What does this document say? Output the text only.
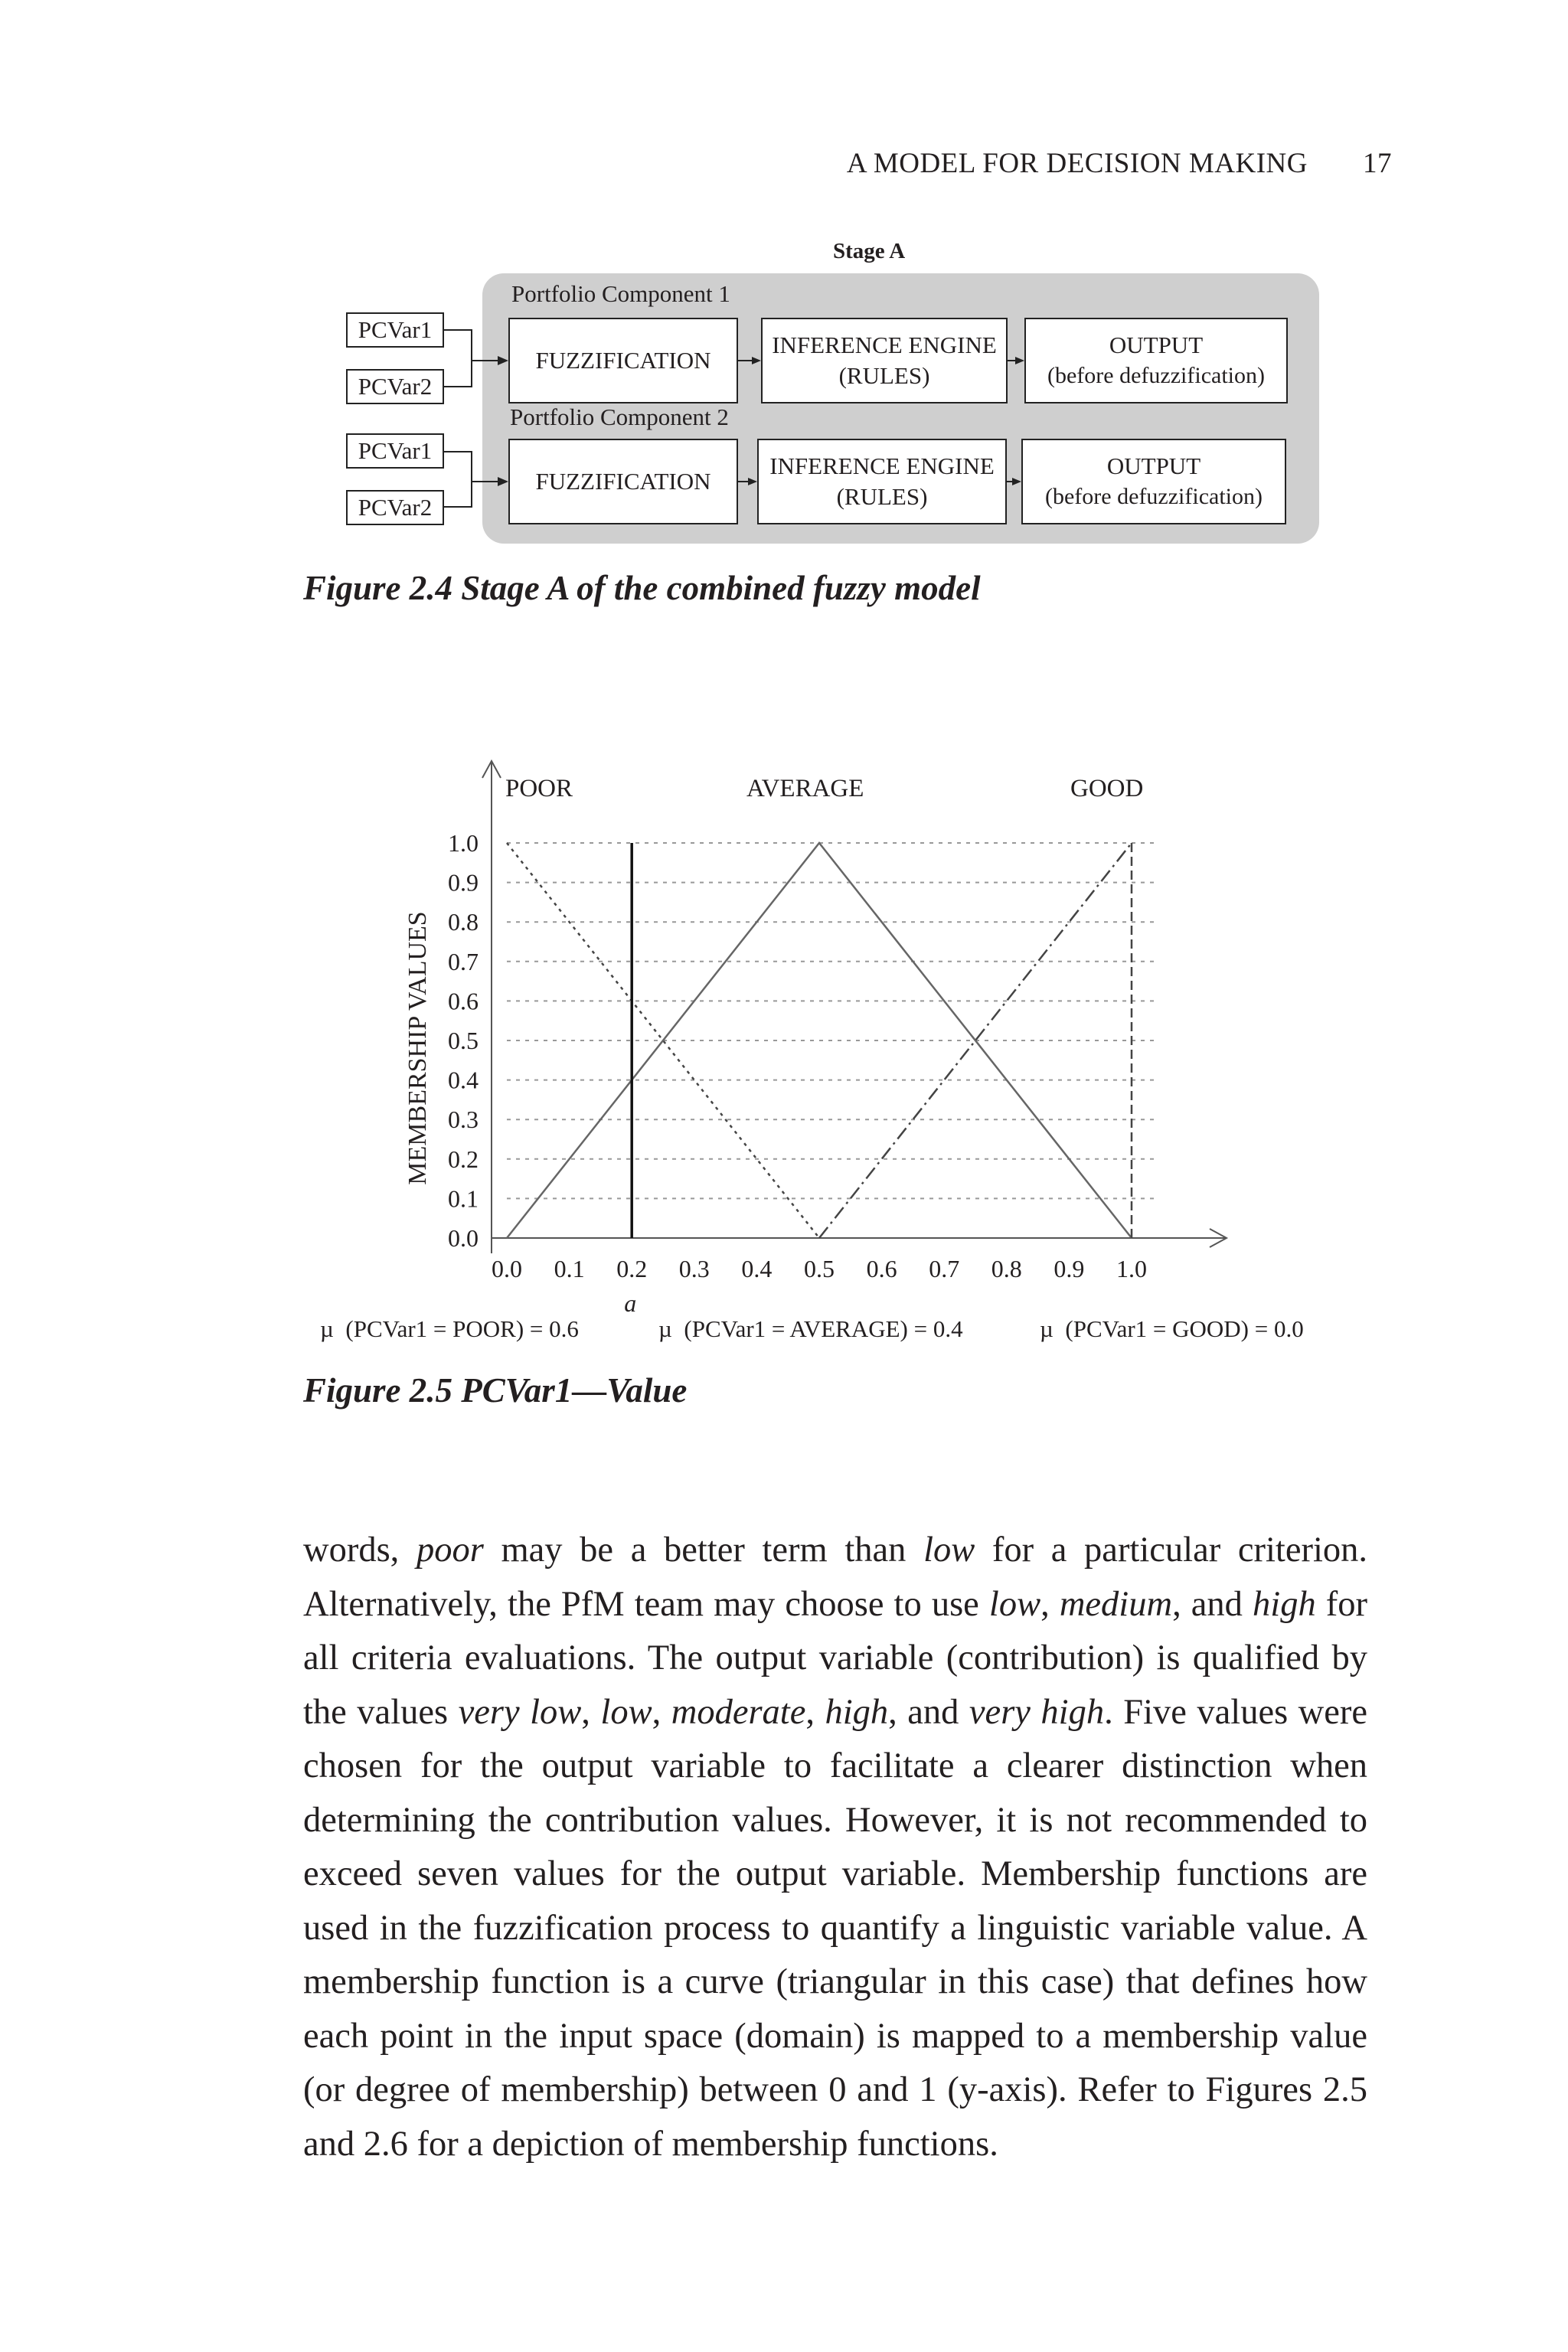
A MODEL FOR DECISION MAKING 17
Stage A
Portfolio Component 1
PCVar1
PCVar2
FUZZIFICATION
INFERENCE ENGINE
(RULES)
OUTPUT
(before defuzzification)
Portfolio Component 2
PCVar1
PCVar2
FUZZIFICATION
INFERENCE ENGINE
(RULES)
OUTPUT
(before defuzzification)
Figure 2.4 Stage A of the combined fuzzy model
POOR	AVERAGE	GOOD
0.0
0.1
0.2
0.3
0.4
0.5
0.6
0.7
0.8
0.9
1.0
0.0 0.1 0.2 0.3 0.4 0.5 0.6 0.7 0.8 0.9 1.0
a
MEMBERSHIP VALUES
µ (PCVar1 = POOR) = 0.6	µ (PCVar1 = AVERAGE) = 0.4	µ (PCVar1 = GOOD) = 0.0
Figure 2.5 PCVar1—Value

words, poor may be a better term than low for a particular criterion. Alternatively, the PfM team may choose to use low, medium, and high for all criteria evaluations. The output variable (contribution) is qualified by the values very low, low, moderate, high, and very high. Five values were chosen for the output variable to facilitate a clearer distinction when determining the contribution values. However, it is not recommended to exceed seven values for the output variable. Membership functions are used in the fuzzification process to quantify a linguistic variable value. A membership function is a curve (triangular in this case) that defines how each point in the input space (domain) is mapped to a membership value (or degree of membership) between 0 and 1 (y-axis). Refer to Figures 2.5 and 2.6 for a depiction of membership functions.
